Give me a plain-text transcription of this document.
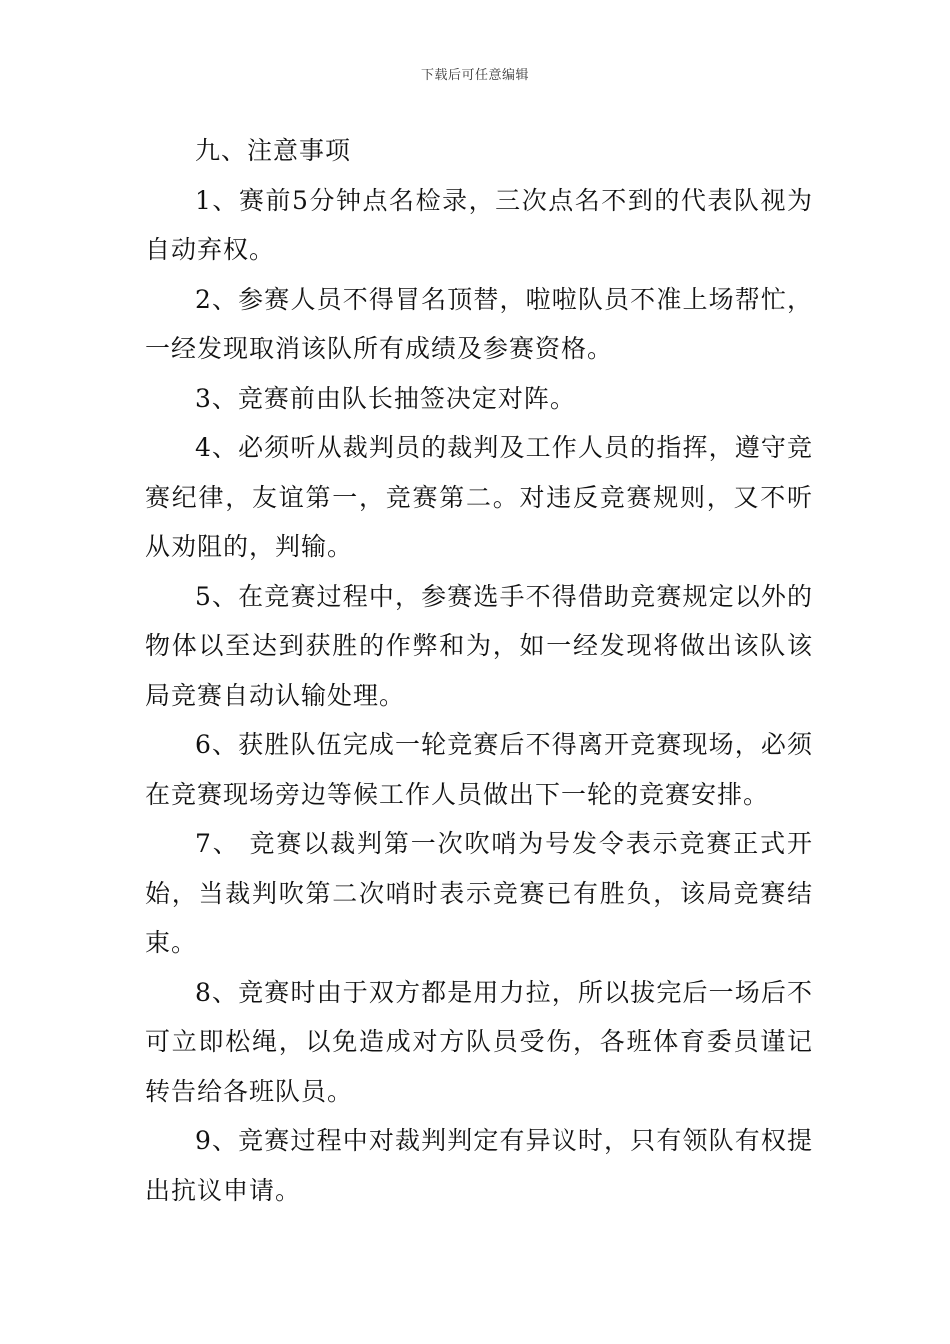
下载后可任意编辑
九、注意事项

1、赛前5分钟点名检录，三次点名不到的代表队视为自动弃权。

2、参赛人员不得冒名顶替，啦啦队员不准上场帮忙，一经发现取消该队所有成绩及参赛资格。

3、竞赛前由队长抽签决定对阵。

4、必须听从裁判员的裁判及工作人员的指挥，遵守竞赛纪律，友谊第一，竞赛第二。对违反竞赛规则，又不听从劝阻的，判输。

5、在竞赛过程中，参赛选手不得借助竞赛规定以外的物体以至达到获胜的作弊和为，如一经发现将做出该队该局竞赛自动认输处理。

6、获胜队伍完成一轮竞赛后不得离开竞赛现场，必须在竞赛现场旁边等候工作人员做出下一轮的竞赛安排。

7、 竞赛以裁判第一次吹哨为号发令表示竞赛正式开始，当裁判吹第二次哨时表示竞赛已有胜负，该局竞赛结束。

8、竞赛时由于双方都是用力拉，所以拔完后一场后不可立即松绳，以免造成对方队员受伤，各班体育委员谨记转告给各班队员。

9、竞赛过程中对裁判判定有异议时，只有领队有权提出抗议申请。
